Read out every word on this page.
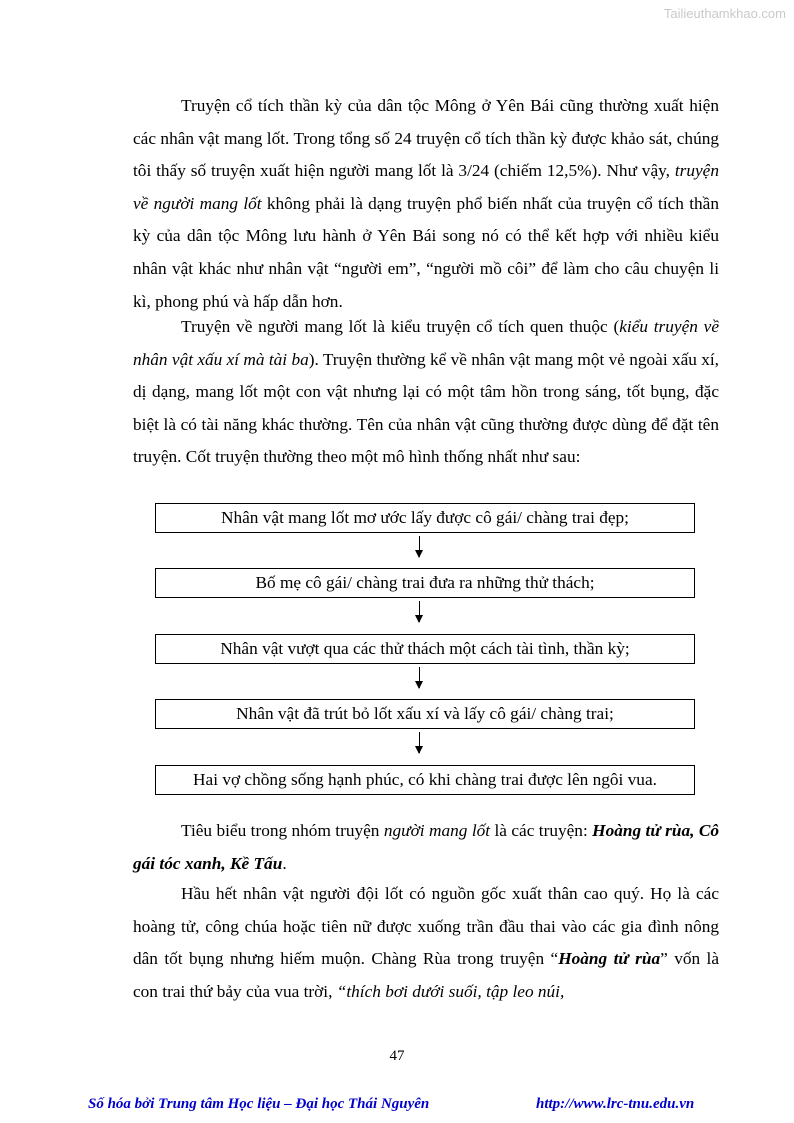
Tailieuthamkhao.com

Truyện cổ tích thần kỳ của dân tộc Mông ở Yên Bái cũng thường xuất hiện các nhân vật mang lốt. Trong tổng số 24 truyện cổ tích thần kỳ được khảo sát, chúng tôi thấy số truyện xuất hiện người mang lốt là 3/24 (chiếm 12,5%). Như vậy, truyện về người mang lốt không phải là dạng truyện phổ biến nhất của truyện cổ tích thần kỳ của dân tộc Mông lưu hành ở Yên Bái song nó có thể kết hợp với nhiều kiểu nhân vật khác như nhân vật “người em”, “người mồ côi” để làm cho câu chuyện li kì, phong phú và hấp dẫn hơn.

Truyện về người mang lốt là kiểu truyện cổ tích quen thuộc (kiểu truyện về nhân vật xấu xí mà tài ba). Truyện thường kể về nhân vật mang một vẻ ngoài xấu xí, dị dạng, mang lốt một con vật nhưng lại có một tâm hồn trong sáng, tốt bụng, đặc biệt là có tài năng khác thường. Tên của nhân vật cũng thường được dùng để đặt tên truyện. Cốt truyện thường theo một mô hình thống nhất như sau:

Nhân vật mang lốt mơ ước lấy được cô gái/ chàng trai đẹp;
Bố mẹ cô gái/ chàng trai đưa ra những thử thách;
Nhân vật vượt qua các thử thách một cách tài tình, thần kỳ;
Nhân vật đã trút bỏ lốt xấu xí và lấy cô gái/ chàng trai;
Hai vợ chồng sống hạnh phúc, có khi chàng trai được lên ngôi vua.

Tiêu biểu trong nhóm truyện người mang lốt là các truyện: Hoàng tử rùa, Cô gái tóc xanh, Kề Tấu.

Hầu hết nhân vật người đội lốt có nguồn gốc xuất thân cao quý. Họ là các hoàng tử, công chúa hoặc tiên nữ được xuống trần đầu thai vào các gia đình nông dân tốt bụng nhưng hiếm muộn. Chàng Rùa trong truyện “Hoàng tử rùa” vốn là con trai thứ bảy của vua trời, “thích bơi dưới suối, tập leo núi,

47
Số hóa bởi Trung tâm Học liệu – Đại học Thái Nguyên	http://www.lrc-tnu.edu.vn
